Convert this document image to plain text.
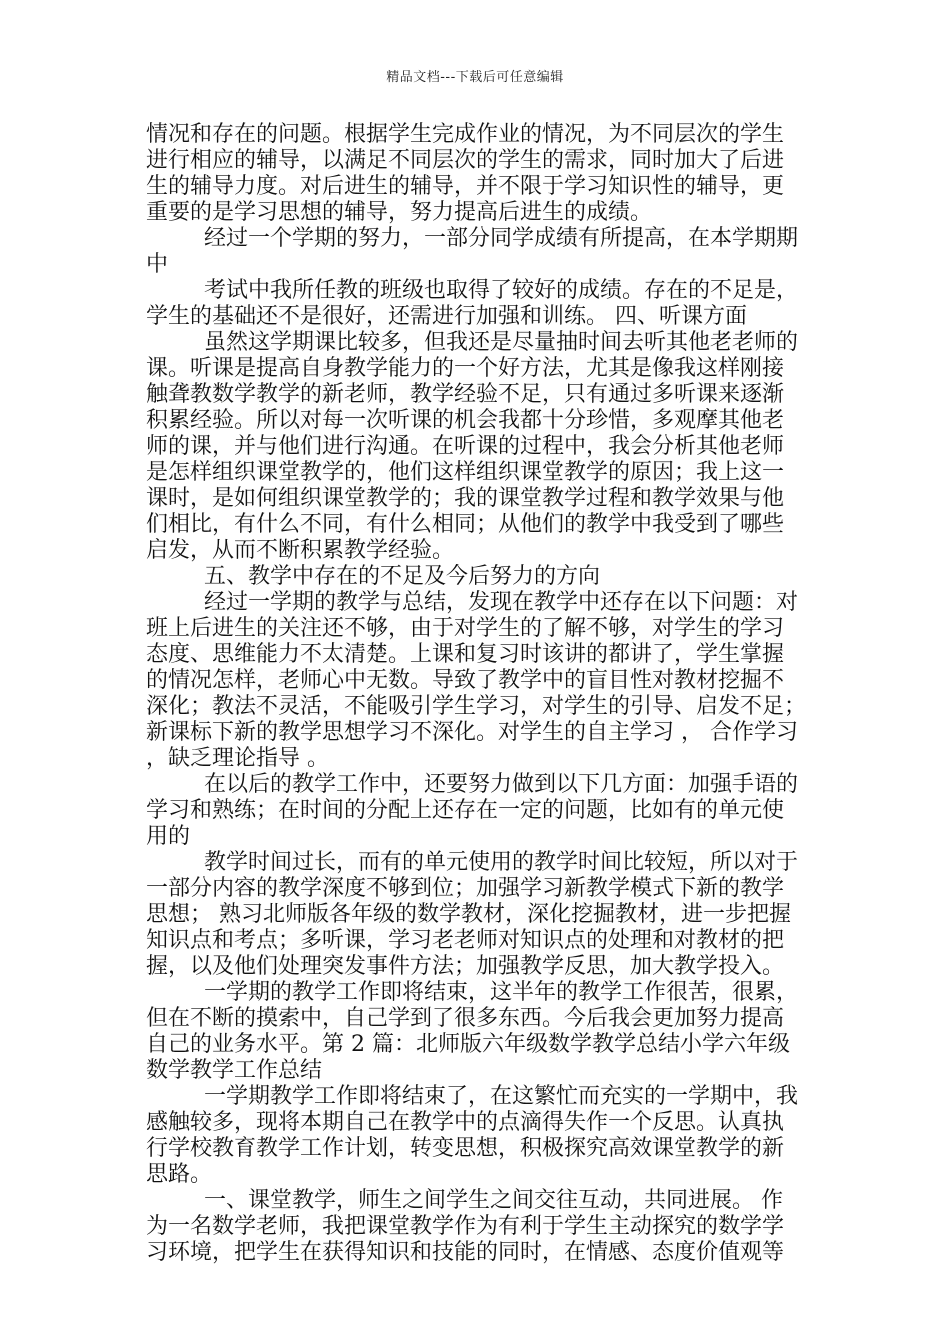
精品文档---下载后可任意编辑
情况和存在的问题。根据学生完成作业的情况，为不同层次的学生
进行相应的辅导，以满足不同层次的学生的需求，同时加大了后进
生的辅导力度。对后进生的辅导，并不限于学习知识性的辅导，更
重要的是学习思想的辅导，努力提高后进生的成绩。
经过一个学期的努力，一部分同学成绩有所提高，在本学期期
中
考试中我所任教的班级也取得了较好的成绩。存在的不足是，
学生的基础还不是很好，还需进行加强和训练。 四、听课方面
虽然这学期课比较多，但我还是尽量抽时间去听其他老老师的
课。听课是提高自身教学能力的一个好方法，尤其是像我这样刚接
触聋教数学教学的新老师，教学经验不足，只有通过多听课来逐渐
积累经验。所以对每一次听课的机会我都十分珍惜，多观摩其他老
师的课，并与他们进行沟通。在听课的过程中，我会分析其他老师
是怎样组织课堂教学的，他们这样组织课堂教学的原因；我上这一
课时，是如何组织课堂教学的；我的课堂教学过程和教学效果与他
们相比，有什么不同，有什么相同；从他们的教学中我受到了哪些
启发，从而不断积累教学经验。
五、教学中存在的不足及今后努力的方向
经过一学期的教学与总结，发现在教学中还存在以下问题：对
班上后进生的关注还不够，由于对学生的了解不够，对学生的学习
态度、思维能力不太清楚。上课和复习时该讲的都讲了，学生掌握
的情况怎样，老师心中无数。导致了教学中的盲目性对教材挖掘不
深化；教法不灵活，不能吸引学生学习，对学生的引导、启发不足；
新课标下新的教学思想学习不深化。对学生的自主学习 ， 合作学习
，缺乏理论指导 。
在以后的教学工作中，还要努力做到以下几方面：加强手语的
学习和熟练；在时间的分配上还存在一定的问题，比如有的单元使
用的
教学时间过长，而有的单元使用的教学时间比较短，所以对于
一部分内容的教学深度不够到位；加强学习新教学模式下新的教学
思想； 熟习北师版各年级的数学教材，深化挖掘教材，进一步把握
知识点和考点；多听课，学习老老师对知识点的处理和对教材的把
握，以及他们处理突发事件方法；加强教学反思，加大教学投入。
一学期的教学工作即将结束，这半年的教学工作很苦，很累，
但在不断的摸索中，自己学到了很多东西。今后我会更加努力提高
自己的业务水平。第 2 篇：北师版六年级数学教学总结小学六年级
数学教学工作总结
一学期教学工作即将结束了，在这繁忙而充实的一学期中，我
感触较多，现将本期自己在教学中的点滴得失作一个反思。认真执
行学校教育教学工作计划，转变思想，积极探究高效课堂教学的新
思路。
一、课堂教学，师生之间学生之间交往互动，共同进展。 作
为一名数学老师，我把课堂教学作为有利于学生主动探究的数学学
习环境，把学生在获得知识和技能的同时，在情感、态度价值观等
